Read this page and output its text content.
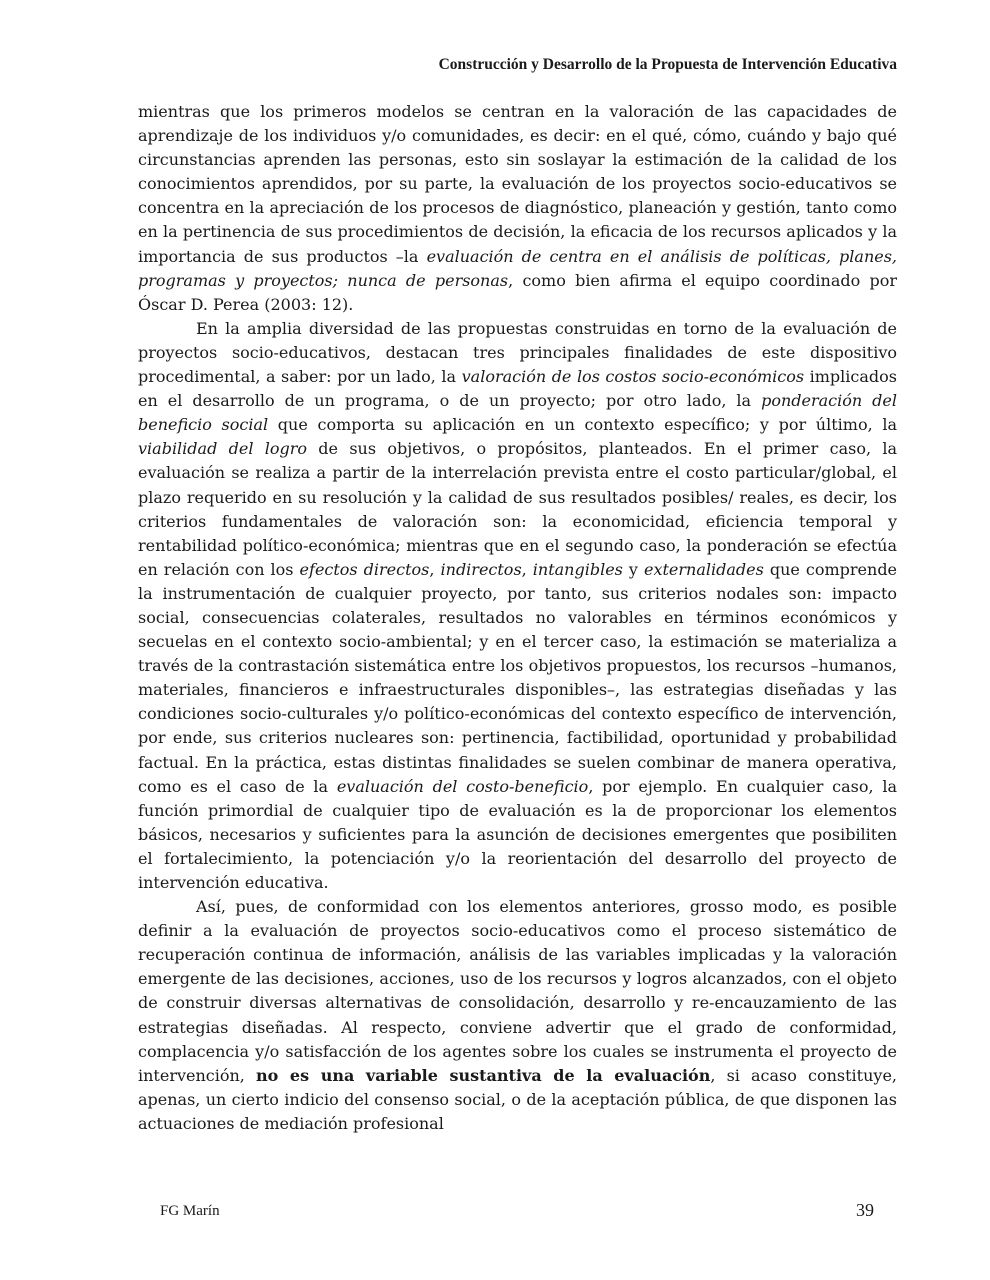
Construcción y Desarrollo de la Propuesta de Intervención Educativa

mientras que los primeros modelos se centran en la valoración de las capacidades de aprendizaje de los individuos y/o comunidades, es decir: en el qué, cómo, cuándo y bajo qué circunstancias aprenden las personas, esto sin soslayar la estimación de la calidad de los conocimientos aprendidos, por su parte, la evaluación de los proyectos socio-educativos se concentra en la apreciación de los procesos de diagnóstico, planeación y gestión, tanto como en la pertinencia de sus procedimientos de decisión, la eficacia de los recursos aplicados y la importancia de sus productos –la evaluación de centra en el análisis de políticas, planes, programas y proyectos; nunca de personas, como bien afirma el equipo coordinado por Óscar D. Perea (2003: 12).

En la amplia diversidad de las propuestas construidas en torno de la evaluación de proyectos socio-educativos, destacan tres principales finalidades de este dispositivo procedimental, a saber: por un lado, la valoración de los costos socio-económicos implicados en el desarrollo de un programa, o de un proyecto; por otro lado, la ponderación del beneficio social que comporta su aplicación en un contexto específico; y por último, la viabilidad del logro de sus objetivos, o propósitos, planteados. En el primer caso, la evaluación se realiza a partir de la interrelación prevista entre el costo particular/global, el plazo requerido en su resolución y la calidad de sus resultados posibles/ reales, es decir, los criterios fundamentales de valoración son: la economicidad, eficiencia temporal y rentabilidad político-económica; mientras que en el segundo caso, la ponderación se efectúa en relación con los efectos directos, indirectos, intangibles y externalidades que comprende la instrumentación de cualquier proyecto, por tanto, sus criterios nodales son: impacto social, consecuencias colaterales, resultados no valorables en términos económicos y secuelas en el contexto socio-ambiental; y en el tercer caso, la estimación se materializa a través de la contrastación sistemática entre los objetivos propuestos, los recursos –humanos, materiales, financieros e infraestructurales disponibles–, las estrategias diseñadas y las condiciones socio-culturales y/o político-económicas del contexto específico de intervención, por ende, sus criterios nucleares son: pertinencia, factibilidad, oportunidad y probabilidad factual. En la práctica, estas distintas finalidades se suelen combinar de manera operativa, como es el caso de la evaluación del costo-beneficio, por ejemplo. En cualquier caso, la función primordial de cualquier tipo de evaluación es la de proporcionar los elementos básicos, necesarios y suficientes para la asunción de decisiones emergentes que posibiliten el fortalecimiento, la potenciación y/o la reorientación del desarrollo del proyecto de intervención educativa.

Así, pues, de conformidad con los elementos anteriores, grosso modo, es posible definir a la evaluación de proyectos socio-educativos como el proceso sistemático de recuperación continua de información, análisis de las variables implicadas y la valoración emergente de las decisiones, acciones, uso de los recursos y logros alcanzados, con el objeto de construir diversas alternativas de consolidación, desarrollo y re-encauzamiento de las estrategias diseñadas. Al respecto, conviene advertir que el grado de conformidad, complacencia y/o satisfacción de los agentes sobre los cuales se instrumenta el proyecto de intervención, no es una variable sustantiva de la evaluación, si acaso constituye, apenas, un cierto indicio del consenso social, o de la aceptación pública, de que disponen las actuaciones de mediación profesional

FG Marín	39
